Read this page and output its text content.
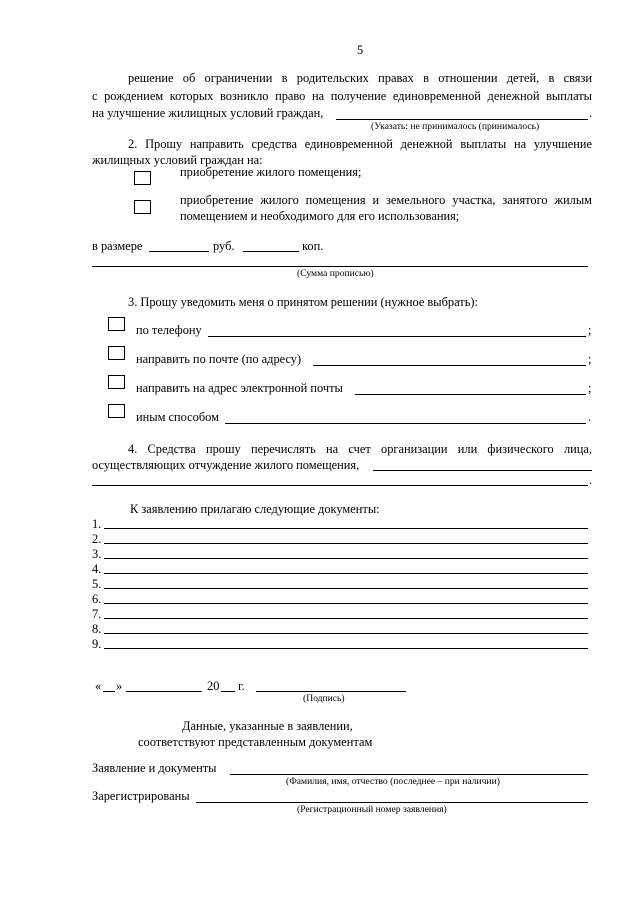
5
решение об ограничении в родительских правах в отношении детей, в связи
с рождением которых возникло право на получение единовременной денежной выплаты
на улучшение жилищных условий граждан,	.
(Указать: не принималось (принималось)
2. Прошу направить средства единовременной денежной выплаты на улучшение
жилищных условий граждан на:
приобретение жилого помещения;
приобретение жилого помещения и земельного участка, занятого жилым
помещением и необходимого для его использования;
в размере	руб.	коп.
(Сумма прописью)
3. Прошу уведомить меня о принятом решении (нужное выбрать):
по телефону	;
направить по почте (по адресу)	;
направить на адрес электронной почты	;
иным способом	.
4. Средства прошу перечислять на счет организации или физического лица,
осуществляющих отчуждение жилого помещения,
.
К заявлению прилагаю следующие документы:
1.
2.
3.
4.
5.
6.
7.
8.
9.
« »	20 г.
(Подпись)
Данные, указанные в заявлении,
соответствуют представленным документам
Заявление и документы
(Фамилия, имя, отчество (последнее – при наличии)
Зарегистрированы
(Регистрационный номер заявления)
